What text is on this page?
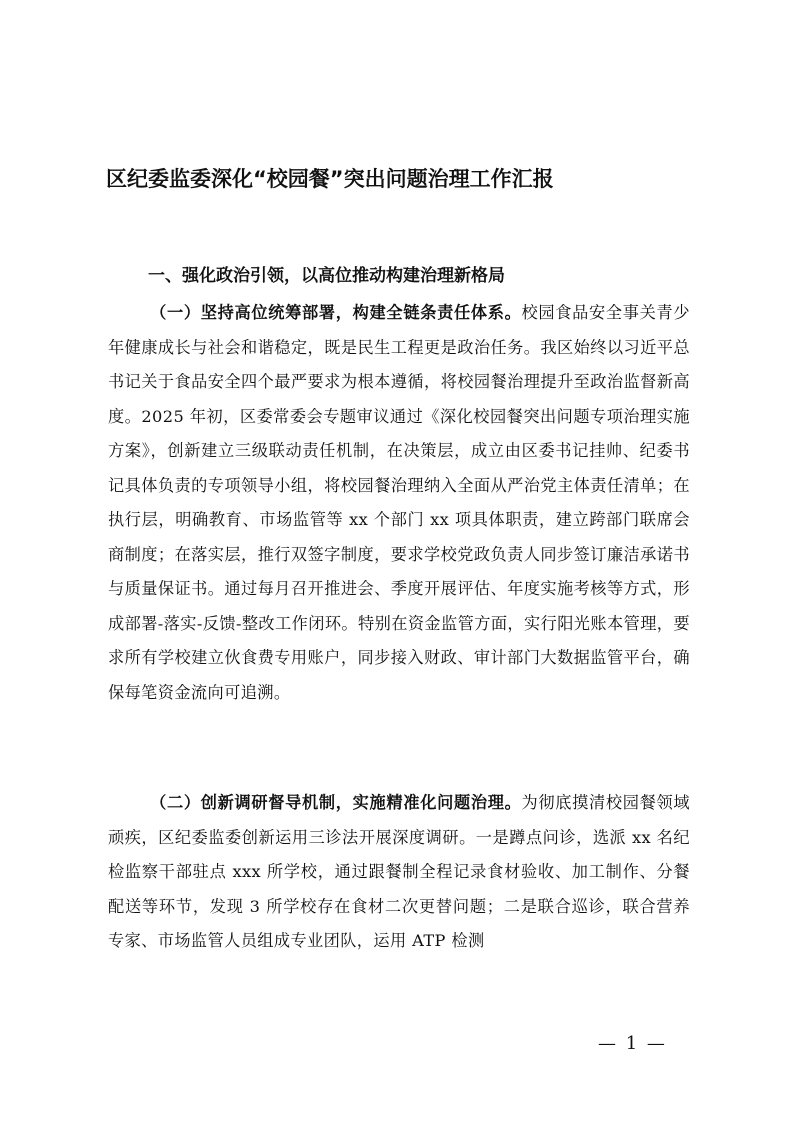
区纪委监委深化“校园餐”突出问题治理工作汇报
一、强化政治引领，以高位推动构建治理新格局

（一）坚持高位统筹部署，构建全链条责任体系。校园食品安全事关青少年健康成长与社会和谐稳定，既是民生工程更是政治任务。我区始终以习近平总书记关于食品安全四个最严要求为根本遵循，将校园餐治理提升至政治监督新高度。2025 年初，区委常委会专题审议通过《深化校园餐突出问题专项治理实施方案》，创新建立三级联动责任机制，在决策层，成立由区委书记挂帅、纪委书记具体负责的专项领导小组，将校园餐治理纳入全面从严治党主体责任清单；在执行层，明确教育、市场监管等 xx 个部门 xx 项具体职责，建立跨部门联席会商制度；在落实层，推行双签字制度，要求学校党政负责人同步签订廉洁承诺书与质量保证书。通过每月召开推进会、季度开展评估、年度实施考核等方式，形成部署-落实-反馈-整改工作闭环。特别在资金监管方面，实行阳光账本管理，要求所有学校建立伙食费专用账户，同步接入财政、审计部门大数据监管平台，确保每笔资金流向可追溯。

（二）创新调研督导机制，实施精准化问题治理。为彻底摸清校园餐领域顽疾，区纪委监委创新运用三诊法开展深度调研。一是蹲点问诊，选派 xx 名纪检监察干部驻点 xxx 所学校，通过跟餐制全程记录食材验收、加工制作、分餐配送等环节，发现 3 所学校存在食材二次更替问题；二是联合巡诊，联合营养专家、市场监管人员组成专业团队，运用 ATP 检测

— 1 —
